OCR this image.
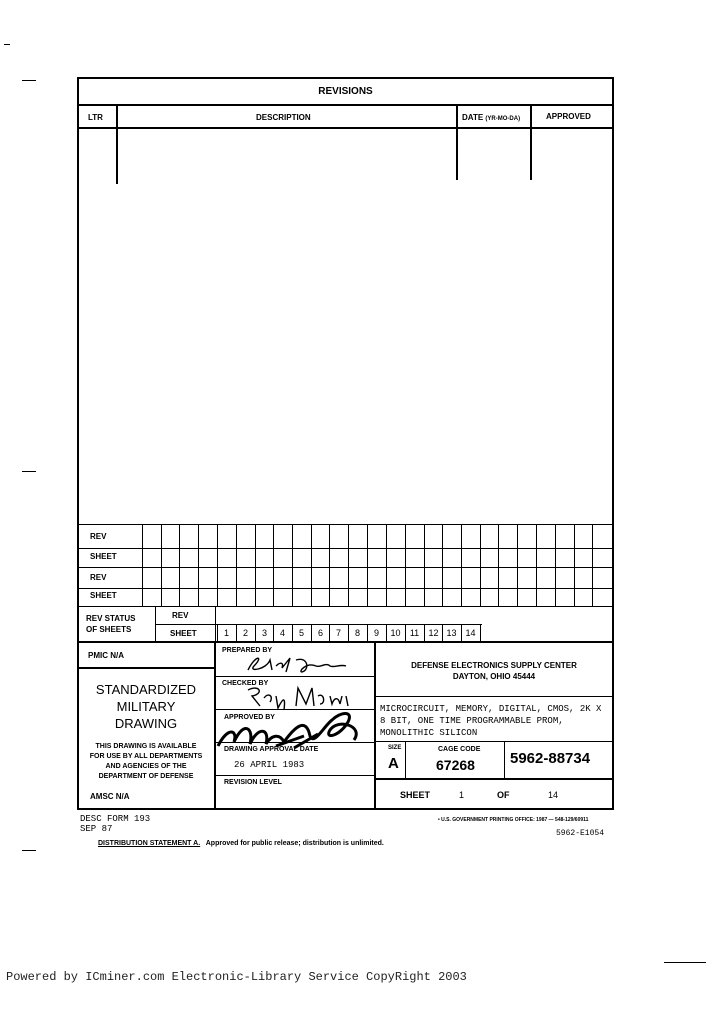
REVISIONS
LTR	DESCRIPTION	DATE (YR-MO-DA)	APPROVED
REV
SHEET
REV
SHEET
REV STATUS
OF SHEETS
REV
SHEET	1	2	3	4	5	6	7	8	9	10	11	12 13 14
PMIC N/A
STANDARDIZED
MILITARY
DRAWING
THIS DRAWING IS AVAILABLE
FOR USE BY ALL DEPARTMENTS
AND AGENCIES OF THE
DEPARTMENT OF DEFENSE
AMSC N/A
PREPARED BY
CHECKED BY
APPROVED BY
DRAWING APPROVAL DATE
26 APRIL 1983
REVISION LEVEL
DEFENSE ELECTRONICS SUPPLY CENTER
DAYTON, OHIO 45444
MICROCIRCUIT, MEMORY, DIGITAL, CMOS, 2K X
8 BIT, ONE TIME PROGRAMMABLE PROM,
MONOLITHIC SILICON
SIZE
A
CAGE CODE
67268 5962-88734
SHEET	1	OF	14
DESC FORM 193
SEP 87
• U.S. GOVERNMENT PRINTING OFFICE: 1987 — 548-129/60911
5962-E1054
DISTRIBUTION STATEMENT A. Approved for public release; distribution is unlimited.
Powered by ICminer.com Electronic-Library Service CopyRight 2003
